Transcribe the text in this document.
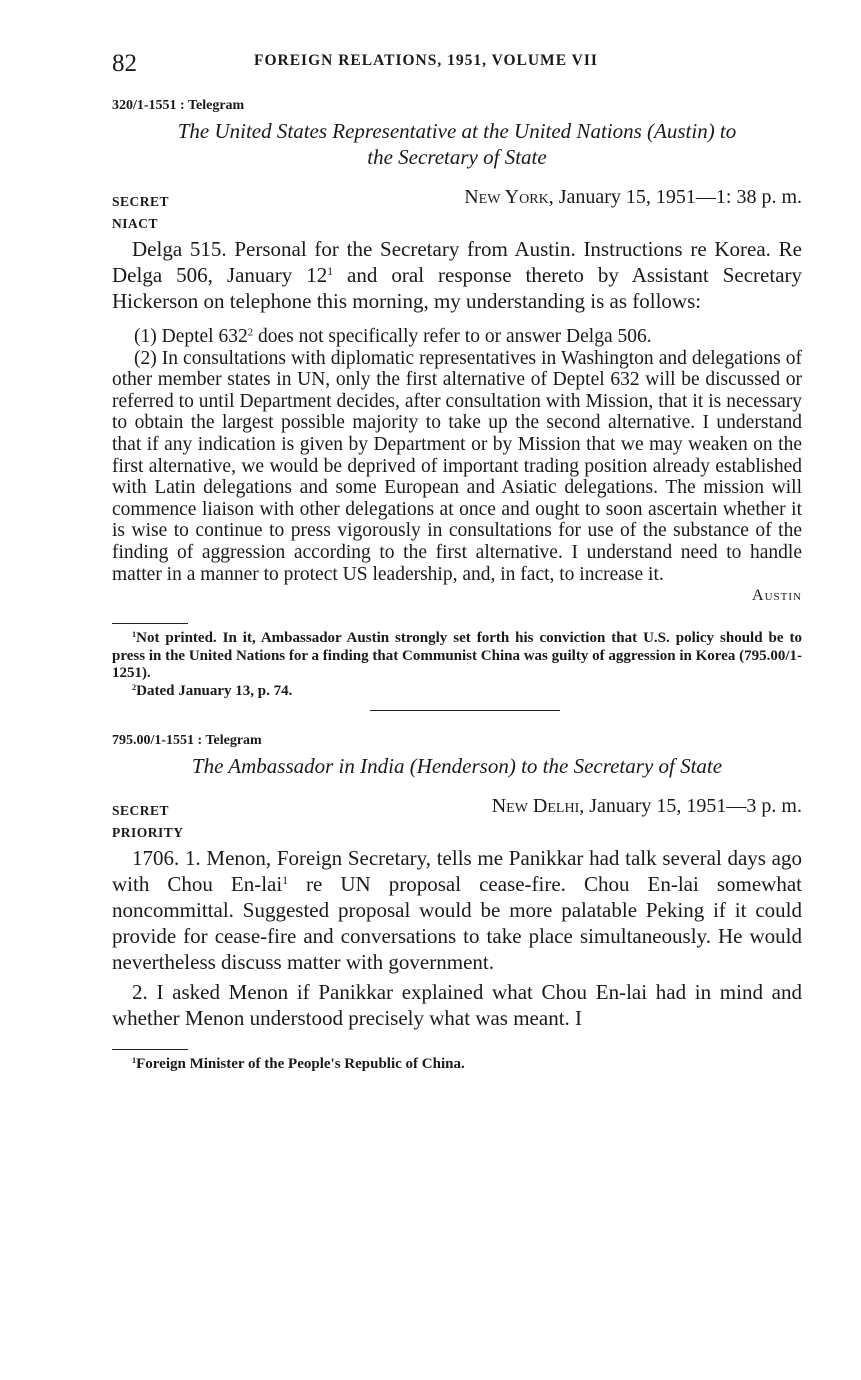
82	FOREIGN RELATIONS, 1951, VOLUME VII
320/1-1551 : Telegram
The United States Representative at the United Nations (Austin) to
the Secretary of State
SECRET	New York, January 15, 1951—1: 38 p. m.
NIACT

Delga 515. Personal for the Secretary from Austin. Instructions re Korea. Re Delga 506, January $12^1$ and oral response thereto by Assistant Secretary Hickerson on telephone this morning, my understanding is as follows:

(1) Deptel $632^2$ does not specifically refer to or answer Delga 506.

(2) In consultations with diplomatic representatives in Washington and delegations of other member states in UN, only the first alternative of Deptel 632 will be discussed or referred to until Department decides, after consultation with Mission, that it is necessary to obtain the largest possible majority to take up the second alternative. I understand that if any indication is given by Department or by Mission that we may weaken on the first alternative, we would be deprived of important trading position already established with Latin delegations and some European and Asiatic delegations. The mission will commence liaison with other delegations at once and ought to soon ascertain whether it is wise to continue to press vigorously in consultations for use of the substance of the finding of aggression according to the first alternative. I understand need to handle matter in a manner to protect US leadership, and, in fact, to increase it.

Austin

$^1$Not printed. In it, Ambassador Austin strongly set forth his conviction that U.S. policy should be to press in the United Nations for a finding that Communist China was guilty of aggression in Korea (795.00/1-1251).

$^2$Dated January 13, p. 74.

795.00/1-1551 : Telegram
The Ambassador in India (Henderson) to the Secretary of State
SECRET	New Delhi, January 15, 1951—3 p. m.
PRIORITY

1706. 1. Menon, Foreign Secretary, tells me Panikkar had talk several days ago with Chou En-lai$^1$ re UN proposal cease-fire. Chou En-lai somewhat noncommittal. Suggested proposal would be more palatable Peking if it could provide for cease-fire and conversations to take place simultaneously. He would nevertheless discuss matter with government.

2. I asked Menon if Panikkar explained what Chou En-lai had in mind and whether Menon understood precisely what was meant. I

$^1$Foreign Minister of the People's Republic of China.
